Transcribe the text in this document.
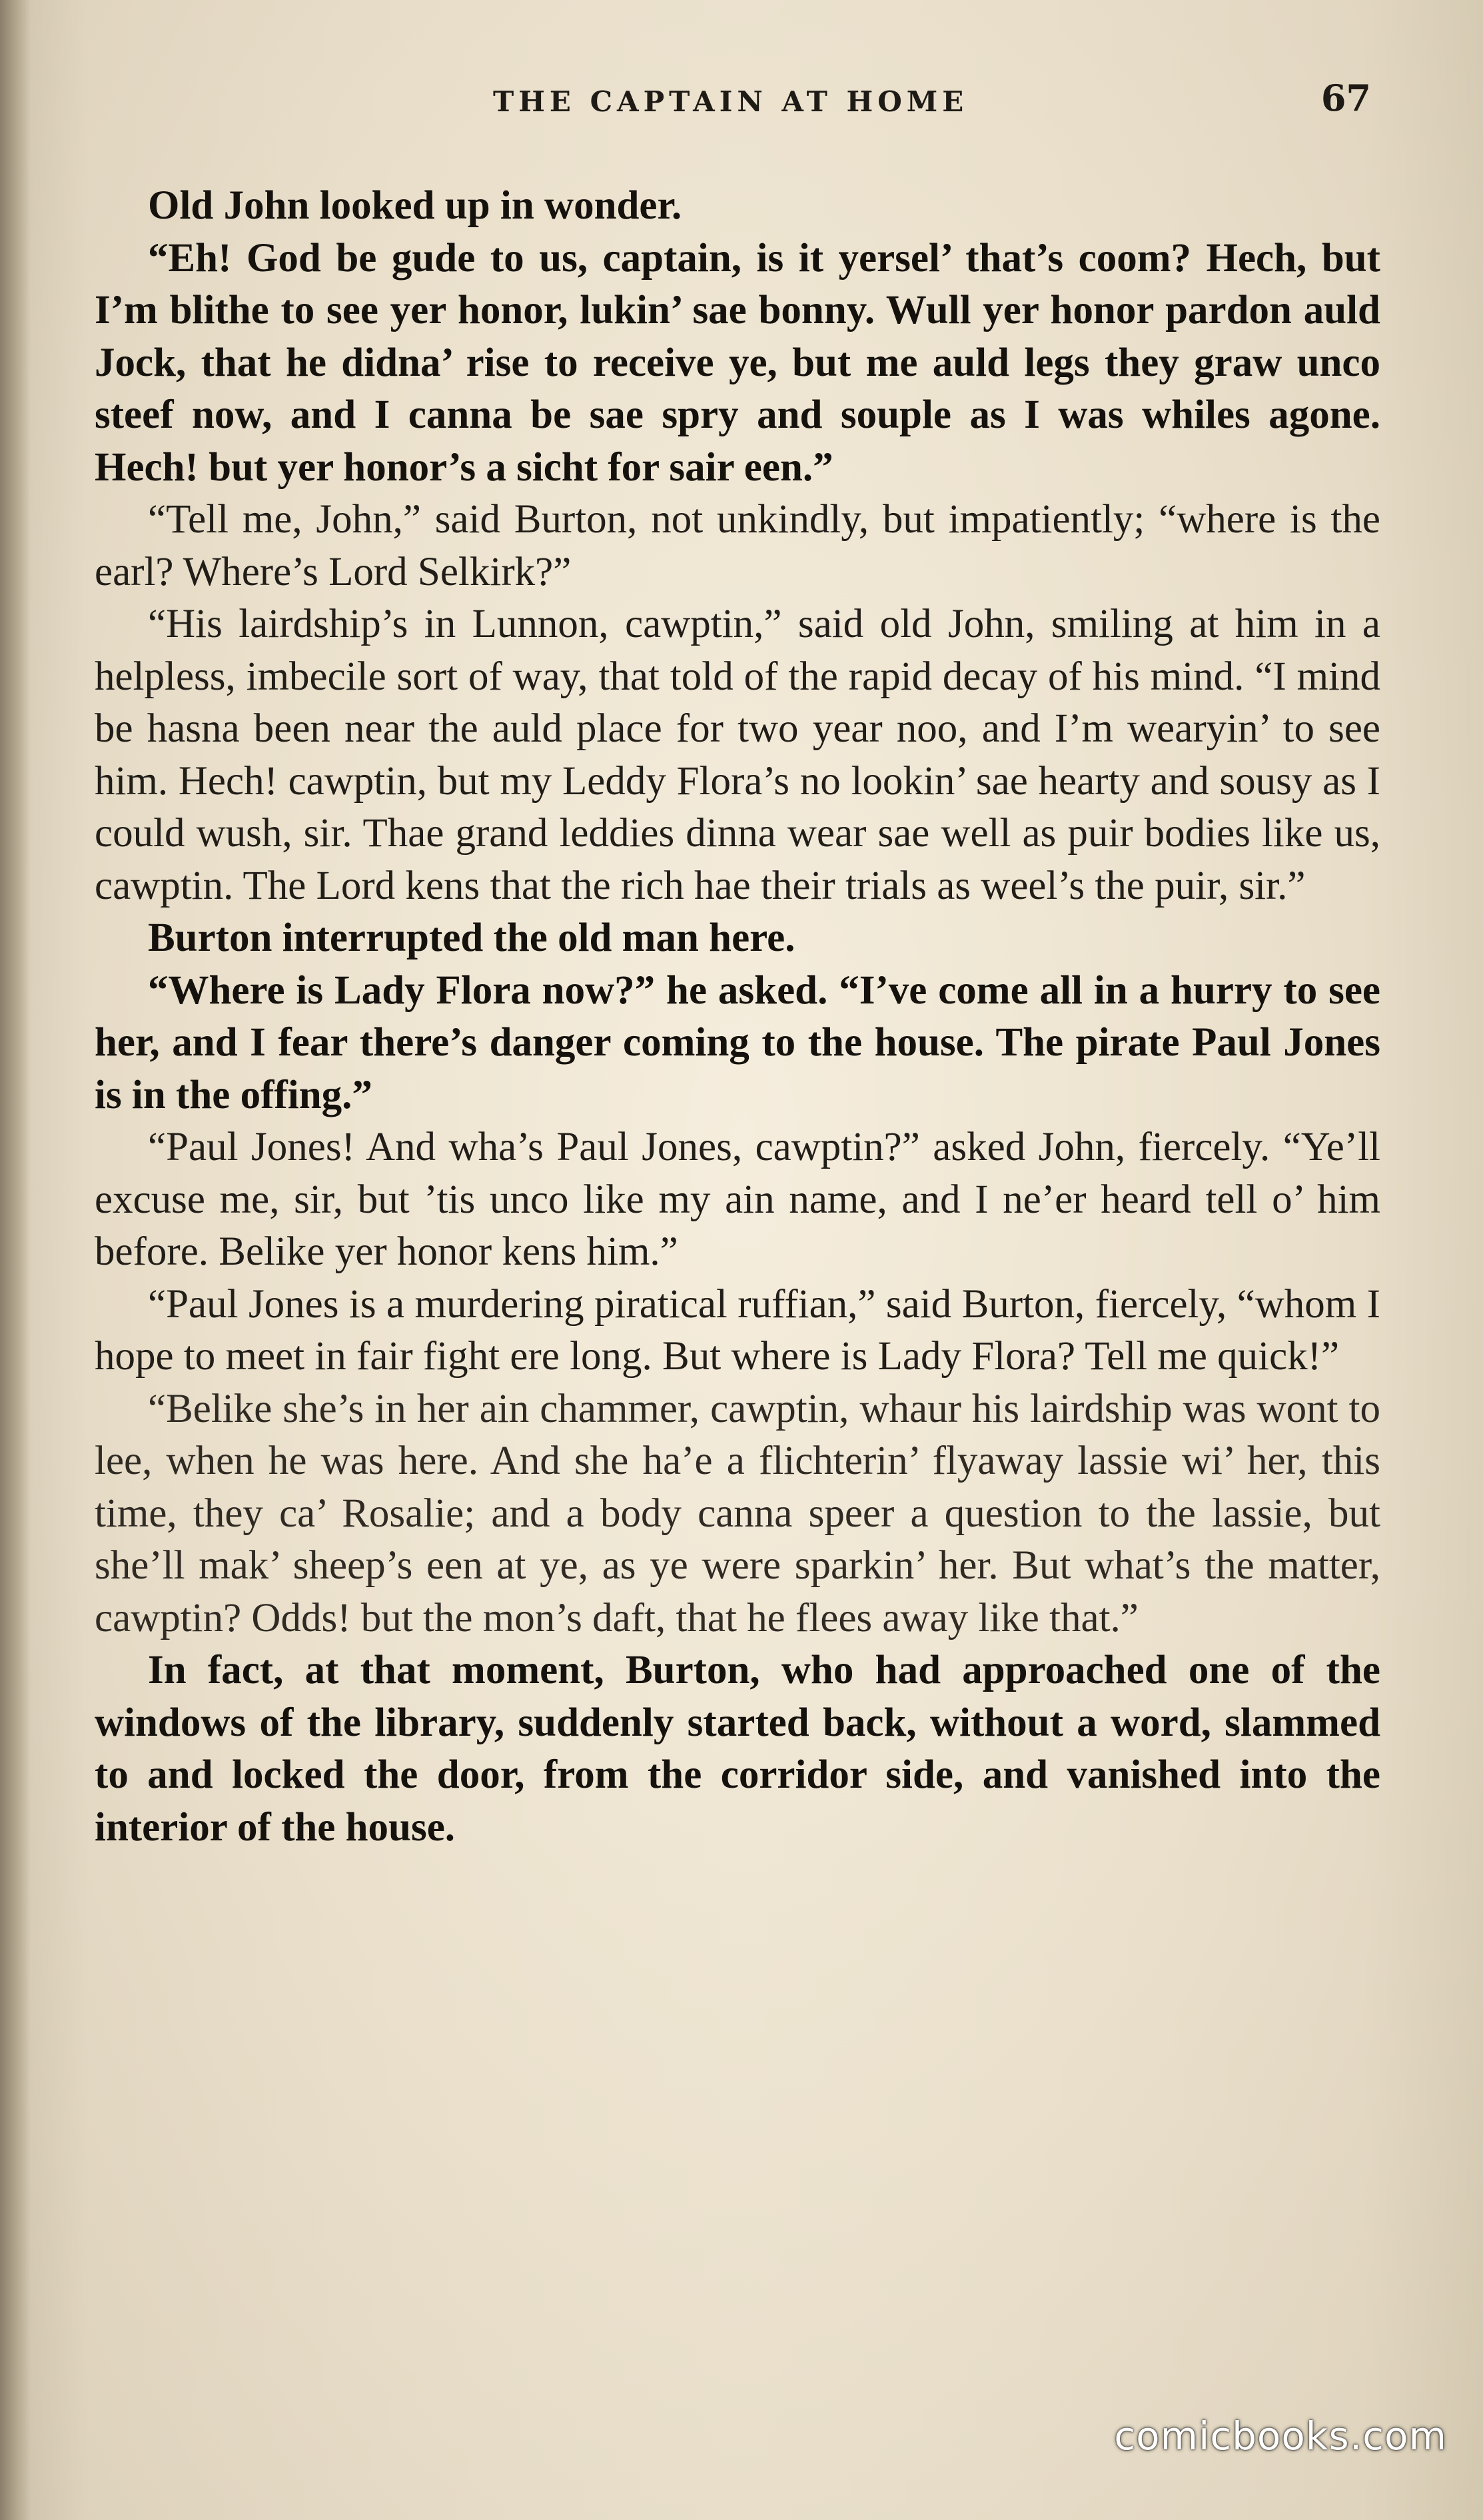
THE CAPTAIN AT HOME	67

Old John looked up in wonder.

“Eh! God be gude to us, captain, is it yersel’ that’s coom? Hech, but I’m blithe to see yer honor, lukin’ sae bonny. Wull yer honor pardon auld Jock, that he didna’ rise to receive ye, but me auld legs they graw unco steef now, and I canna be sae spry and souple as I was whiles agone. Hech! but yer honor’s a sicht for sair een.”

“Tell me, John,” said Burton, not unkindly, but impatiently; “where is the earl? Where’s Lord Selkirk?”

“His lairdship’s in Lunnon, cawptin,” said old John, smiling at him in a helpless, imbecile sort of way, that told of the rapid decay of his mind. “I mind be hasna been near the auld place for two year noo, and I’m wearyin’ to see him. Hech! cawptin, but my Leddy Flora’s no lookin’ sae hearty and sousy as I could wush, sir. Thae grand leddies dinna wear sae well as puir bodies like us, cawptin. The Lord kens that the rich hae their trials as weel’s the puir, sir.”

Burton interrupted the old man here.

“Where is Lady Flora now?” he asked. “I’ve come all in a hurry to see her, and I fear there’s danger coming to the house. The pirate Paul Jones is in the offing.”

“Paul Jones! And wha’s Paul Jones, cawptin?” asked John, fiercely. “Ye’ll excuse me, sir, but ’tis unco like my ain name, and I ne’er heard tell o’ him before. Belike yer honor kens him.”

“Paul Jones is a murdering piratical ruffian,” said Burton, fiercely, “whom I hope to meet in fair fight ere long. But where is Lady Flora? Tell me quick!”

“Belike she’s in her ain chammer, cawptin, whaur his lairdship was wont to lee, when he was here. And she ha’e a flichterin’ flyaway lassie wi’ her, this time, they ca’ Rosalie; and a body canna speer a question to the lassie, but she’ll mak’ sheep’s een at ye, as ye were sparkin’ her. But what’s the matter, cawptin? Odds! but the mon’s daft, that he flees away like that.”

In fact, at that moment, Burton, who had approached one of the windows of the library, suddenly started back, without a word, slammed to and locked the door, from the corridor side, and vanished into the interior of the house.

comicbooks.com
